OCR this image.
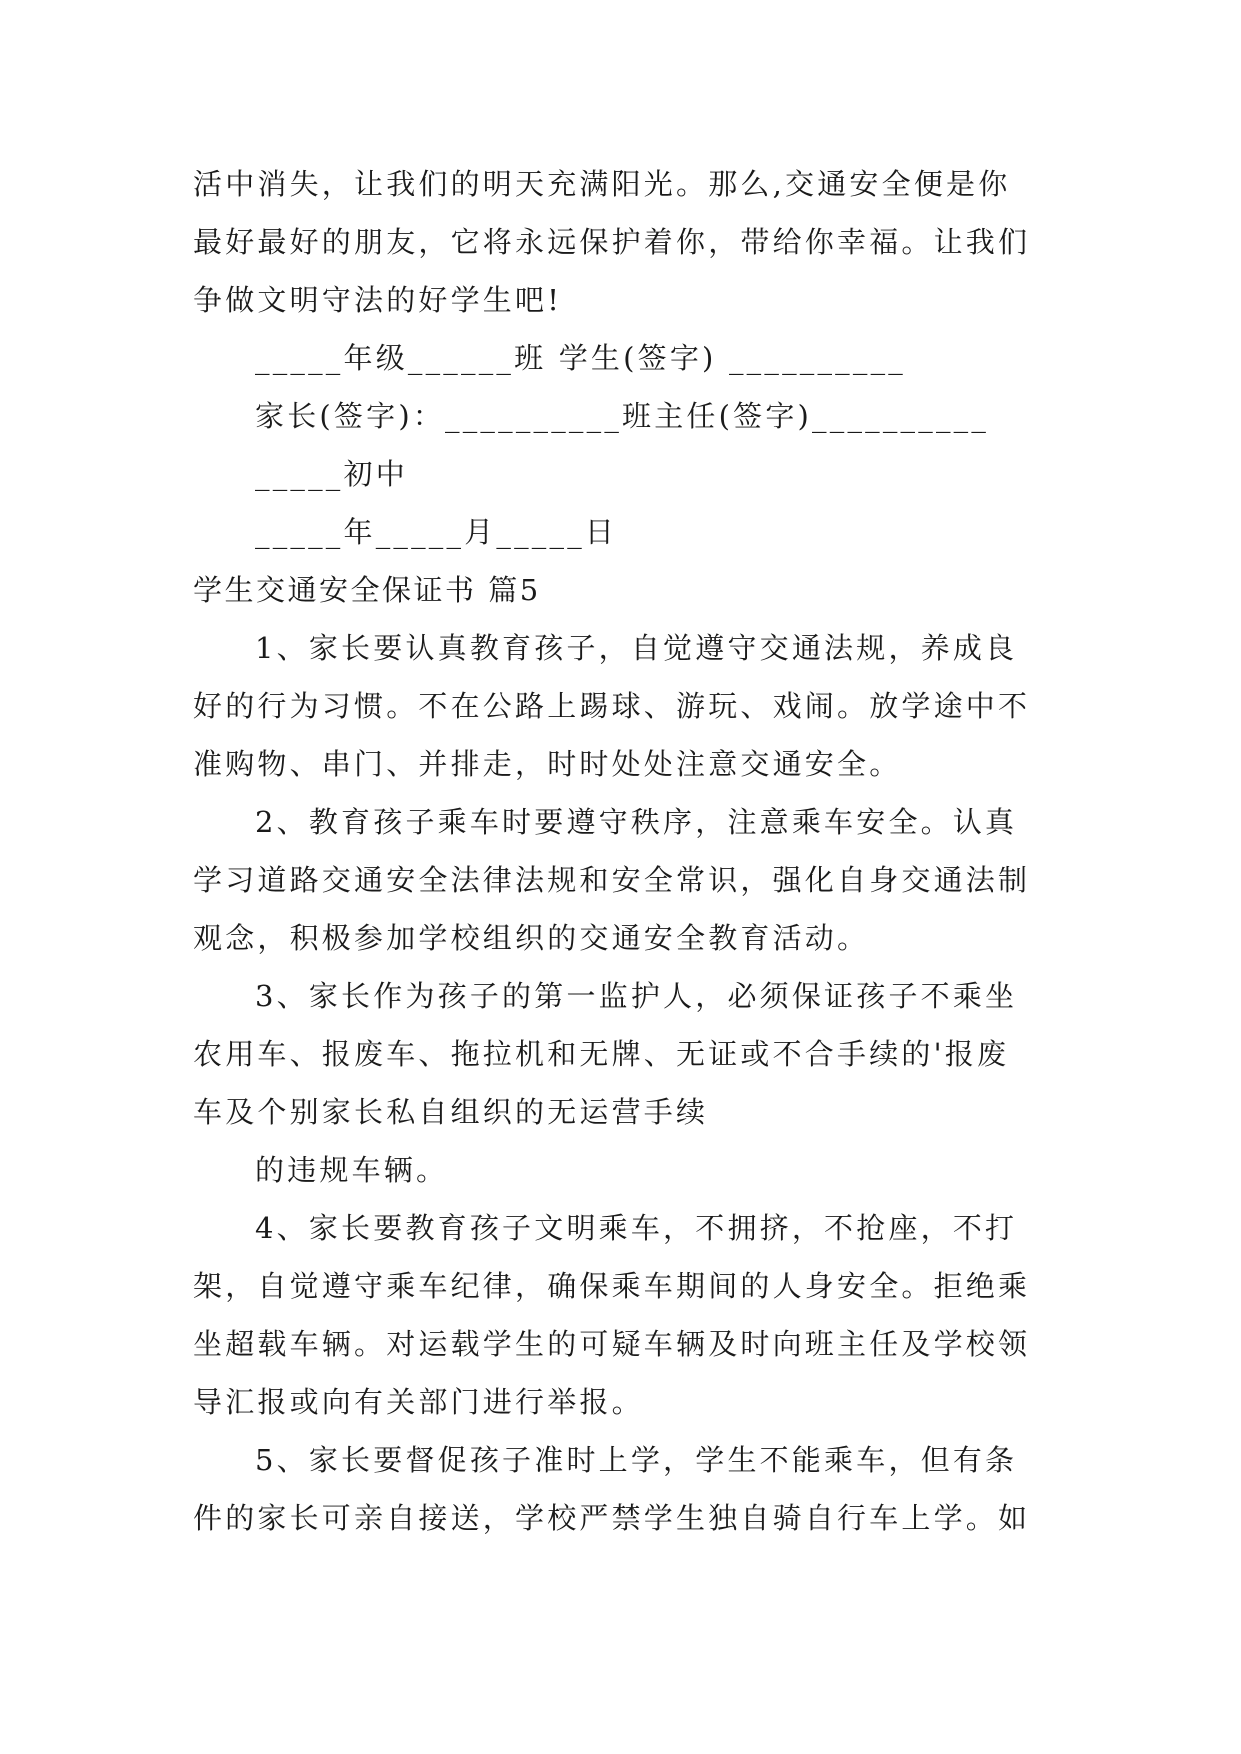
活中消失，让我们的明天充满阳光。那么,交通安全便是你
最好最好的朋友，它将永远保护着你，带给你幸福。让我们
争做文明守法的好学生吧!
_____年级______班 学生(签字) __________
家长(签字)：__________班主任(签字)__________
_____初中
_____年_____月_____日
学生交通安全保证书 篇5
1、家长要认真教育孩子，自觉遵守交通法规，养成良
好的行为习惯。不在公路上踢球、游玩、戏闹。放学途中不
准购物、串门、并排走，时时处处注意交通安全。
2、教育孩子乘车时要遵守秩序，注意乘车安全。认真
学习道路交通安全法律法规和安全常识，强化自身交通法制
观念，积极参加学校组织的交通安全教育活动。
3、家长作为孩子的第一监护人，必须保证孩子不乘坐
农用车、报废车、拖拉机和无牌、无证或不合手续的'报废
车及个别家长私自组织的无运营手续
的违规车辆。
4、家长要教育孩子文明乘车，不拥挤，不抢座，不打
架，自觉遵守乘车纪律，确保乘车期间的人身安全。拒绝乘
坐超载车辆。对运载学生的可疑车辆及时向班主任及学校领
导汇报或向有关部门进行举报。
5、家长要督促孩子准时上学，学生不能乘车，但有条
件的家长可亲自接送，学校严禁学生独自骑自行车上学。如
